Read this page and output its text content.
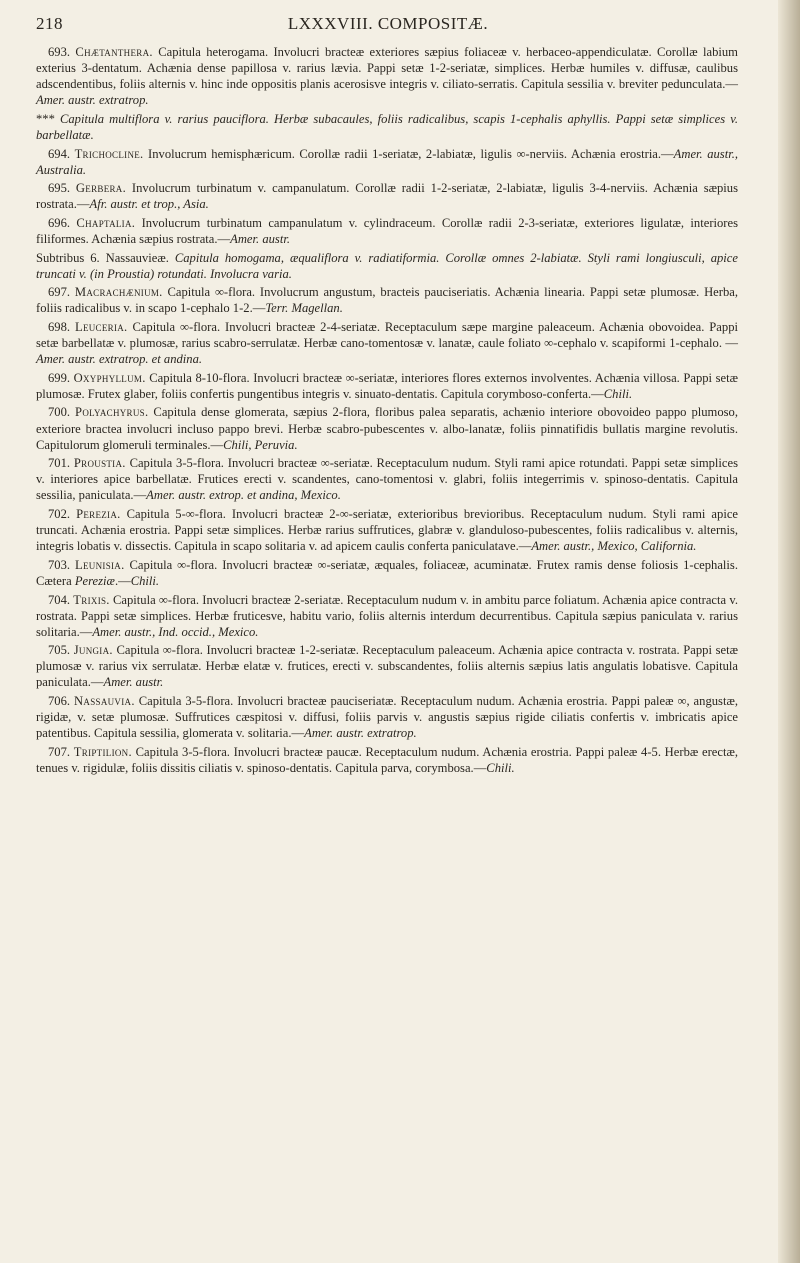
218	LXXXVIII. COMPOSITÆ.

693. Chætanthera. Capitula heterogama. Involucri bracteæ exteriores sæpius foliaceæ v. herbaceo-appendiculatæ. Corollæ labium exterius 3-dentatum. Achænia dense papillosa v. rarius lævia. Pappi setæ 1-2-seriatæ, simplices. Herbæ humiles v. diffusæ, caulibus adscendentibus, foliis alternis v. hinc inde oppositis planis acerosisve integris v. ciliato-serratis. Capitula sessilia v. breviter pedunculata.—Amer. austr. extratrop.

*** Capitula multiflora v. rarius pauciflora. Herbæ subacaules, foliis radicalibus, scapis 1-cephalis aphyllis. Pappi setæ simplices v. barbellatæ.

694. Trichocline. Involucrum hemisphæricum. Corollæ radii 1-seriatæ, 2-labiatæ, ligulis ∞-nerviis. Achænia erostria.—Amer. austr., Australia.

695. Gerbera. Involucrum turbinatum v. campanulatum. Corollæ radii 1-2-seriatæ, 2-labiatæ, ligulis 3-4-nerviis. Achænia sæpius rostrata.—Afr. austr. et trop., Asia.

696. Chaptalia. Involucrum turbinatum campanulatum v. cylindraceum. Corollæ radii 2-3-seriatæ, exteriores ligulatæ, interiores filiformes. Achænia sæpius rostrata.—Amer. austr.

Subtribus 6. Nassauvieæ. Capitula homogama, æqualiflora v. radiatiformia. Corollæ omnes 2-labiatæ. Styli rami longiusculi, apice truncati v. (in Proustia) rotundati. Involucra varia.

697. Macrachænium. Capitula ∞-flora. Involucrum angustum, bracteis pauciseriatis. Achænia linearia. Pappi setæ plumosæ. Herba, foliis radicalibus v. in scapo 1-cephalo 1-2.—Terr. Magellan.

698. Leuceria. Capitula ∞-flora. Involucri bracteæ 2-4-seriatæ. Receptaculum sæpe margine paleaceum. Achænia obovoidea. Pappi setæ barbellatæ v. plumosæ, rarius scabro-serrulatæ. Herbæ cano-tomentosæ v. lanatæ, caule foliato ∞-cephalo v. scapiformi 1-cephalo. —Amer. austr. extratrop. et andina.

699. Oxyphyllum. Capitula 8-10-flora. Involucri bracteæ ∞-seriatæ, interiores flores externos involventes. Achænia villosa. Pappi setæ plumosæ. Frutex glaber, foliis confertis pungentibus integris v. sinuato-dentatis. Capitula corymboso-conferta.—Chili.

700. Polyachyrus. Capitula dense glomerata, sæpius 2-flora, floribus palea separatis, achænio interiore obovoideo pappo plumoso, exteriore bractea involucri incluso pappo brevi. Herbæ scabro-pubescentes v. albo-lanatæ, foliis pinnatifidis bullatis margine revolutis. Capitulorum glomeruli terminales.—Chili, Peruvia.

701. Proustia. Capitula 3-5-flora. Involucri bracteæ ∞-seriatæ. Receptaculum nudum. Styli rami apice rotundati. Pappi setæ simplices v. interiores apice barbellatæ. Frutices erecti v. scandentes, cano-tomentosi v. glabri, foliis integerrimis v. spinoso-dentatis. Capitula sessilia, paniculata.—Amer. austr. extrop. et andina, Mexico.

702. Perezia. Capitula 5-∞-flora. Involucri bracteæ 2-∞-seriatæ, exterioribus brevioribus. Receptaculum nudum. Styli rami apice truncati. Achænia erostria. Pappi setæ simplices. Herbæ rarius suffrutices, glabræ v. glanduloso-pubescentes, foliis radicalibus v. alternis, integris lobatis v. dissectis. Capitula in scapo solitaria v. ad apicem caulis conferta paniculatave.—Amer. austr., Mexico, California.

703. Leunisia. Capitula ∞-flora. Involucri bracteæ ∞-seriatæ, æquales, foliaceæ, acuminatæ. Frutex ramis dense foliosis 1-cephalis. Cætera Pereziæ.—Chili.

704. Trixis. Capitula ∞-flora. Involucri bracteæ 2-seriatæ. Receptaculum nudum v. in ambitu parce foliatum. Achænia apice contracta v. rostrata. Pappi setæ simplices. Herbæ fruticesve, habitu vario, foliis alternis interdum decurrentibus. Capitula sæpius paniculata v. rarius solitaria.—Amer. austr., Ind. occid., Mexico.

705. Jungia. Capitula ∞-flora. Involucri bracteæ 1-2-seriatæ. Receptaculum paleaceum. Achænia apice contracta v. rostrata. Pappi setæ plumosæ v. rarius vix serrulatæ. Herbæ elatæ v. frutices, erecti v. subscandentes, foliis alternis sæpius latis angulatis lobatisve. Capitula paniculata.—Amer. austr.

706. Nassauvia. Capitula 3-5-flora. Involucri bracteæ pauciseriatæ. Receptaculum nudum. Achænia erostria. Pappi paleæ ∞, angustæ, rigidæ, v. setæ plumosæ. Suffrutices cæspitosi v. diffusi, foliis parvis v. angustis sæpius rigide ciliatis confertis v. imbricatis apice patentibus. Capitula sessilia, glomerata v. solitaria.—Amer. austr. extratrop.

707. Triptilion. Capitula 3-5-flora. Involucri bracteæ paucæ. Receptaculum nudum. Achænia erostria. Pappi paleæ 4-5. Herbæ erectæ, tenues v. rigidulæ, foliis dissitis ciliatis v. spinoso-dentatis. Capitula parva, corymbosa.—Chili.
